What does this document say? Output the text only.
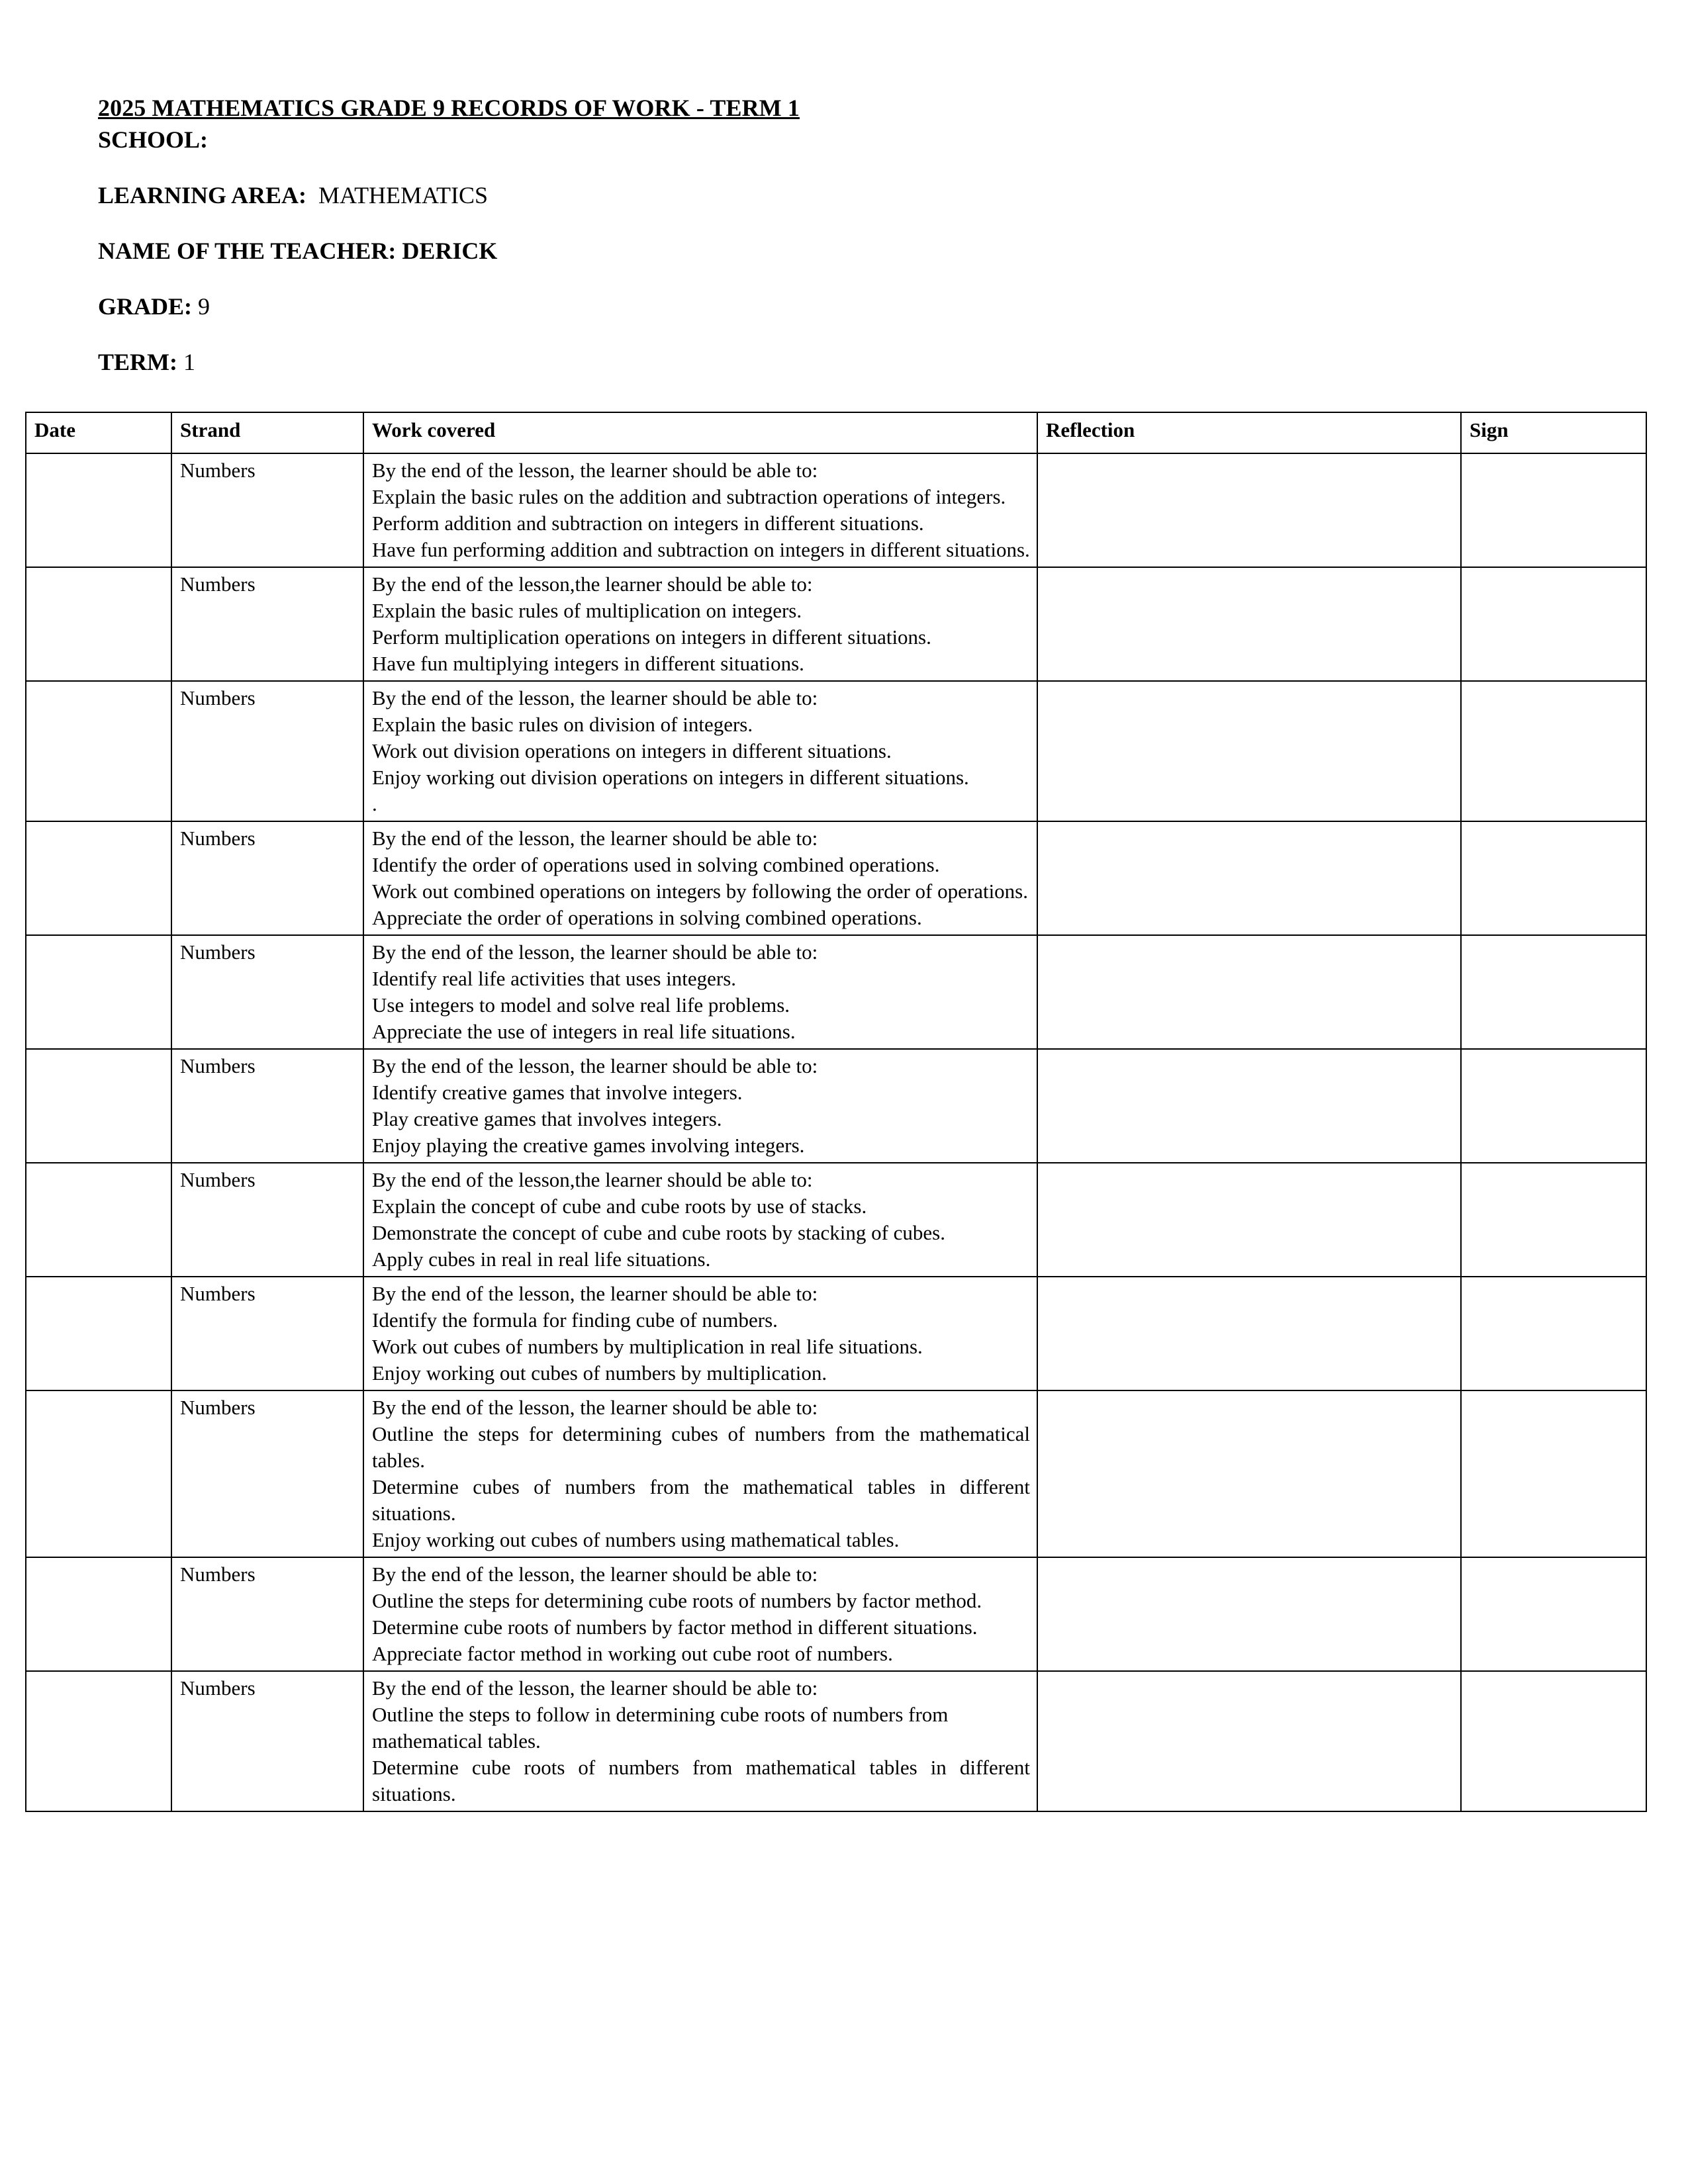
2025 MATHEMATICS GRADE 9 RECORDS OF WORK - TERM 1
SCHOOL:
LEARNING AREA: MATHEMATICS
NAME OF THE TEACHER: DERICK
GRADE: 9
TERM: 1
Date	Strand	Work covered	Reflection	Sign
	Numbers	By the end of the lesson, the learner should be able to:

Explain the basic rules on the addition and subtraction operations of integers.

Perform addition and subtraction on integers in different situations.

Have fun performing addition and subtraction on integers in different situations.		

	Numbers	By the end of the lesson,the learner should be able to:

Explain the basic rules of multiplication on integers.

Perform multiplication operations on integers in different situations.

Have fun multiplying integers in different situations.		

	Numbers	By the end of the lesson, the learner should be able to:

Explain the basic rules on division of integers.

Work out division operations on integers in different situations.

Enjoy working out division operations on integers in different situations.

.		

	Numbers	By the end of the lesson, the learner should be able to:

Identify the order of operations used in solving combined operations.

Work out combined operations on integers by following the order of operations.

Appreciate the order of operations in solving combined operations.		

	Numbers	By the end of the lesson, the learner should be able to:

Identify real life activities that uses integers.

Use integers to model and solve real life problems.

Appreciate the use of integers in real life situations.		

	Numbers	By the end of the lesson, the learner should be able to:

Identify creative games that involve integers.

Play creative games that involves integers.

Enjoy playing the creative games involving integers.		

	Numbers	By the end of the lesson,the learner should be able to:

Explain the concept of cube and cube roots by use of stacks.

Demonstrate the concept of cube and cube roots by stacking of cubes.

Apply cubes in real in real life situations.		

	Numbers	By the end of the lesson, the learner should be able to:

Identify the formula for finding cube of numbers.

Work out cubes of numbers by multiplication in real life situations.

Enjoy working out cubes of numbers by multiplication.		

	Numbers	By the end of the lesson, the learner should be able to:

Outline the steps for determining cubes of numbers from the mathematical tables.

Determine cubes of numbers from the mathematical tables in different situations.

Enjoy working out cubes of numbers using mathematical tables.		

	Numbers	By the end of the lesson, the learner should be able to:

Outline the steps for determining cube roots of numbers by factor method.

Determine cube roots of numbers by factor method in different situations.

Appreciate factor method in working out cube root of numbers.		

	Numbers	By the end of the lesson, the learner should be able to:

Outline the steps to follow in determining cube roots of numbers from mathematical tables.

Determine cube roots of numbers from mathematical tables in different situations.		
